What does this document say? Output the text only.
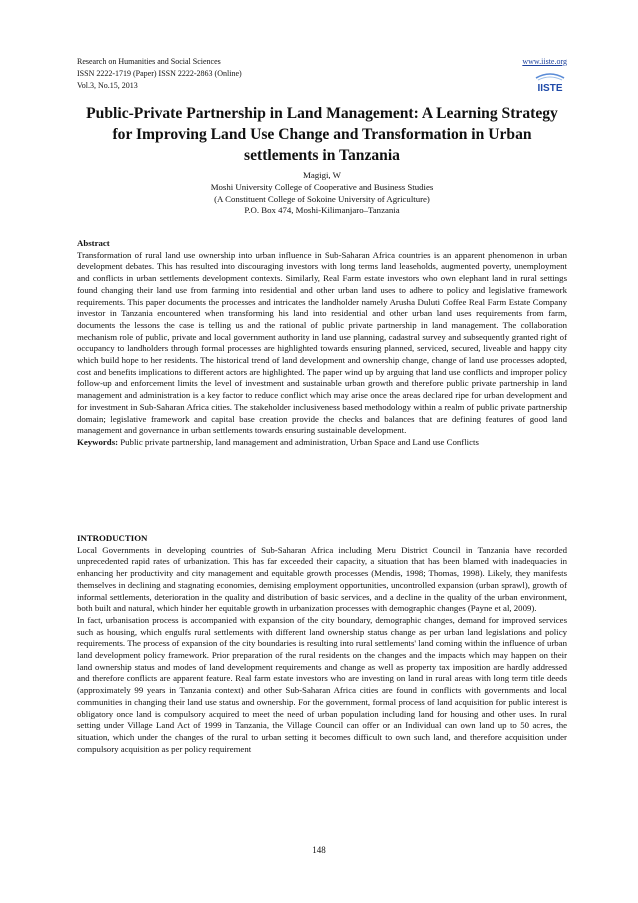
Research on Humanities and Social Sciences
ISSN 2222-1719 (Paper) ISSN 2222-2863 (Online)
Vol.3, No.15, 2013
www.iiste.org
IISTE
Public-Private Partnership in Land Management: A Learning Strategy for Improving Land Use Change and Transformation in Urban settlements in Tanzania
Magigi, W
Moshi University College of Cooperative and Business Studies
(A Constituent College of Sokoine University of Agriculture)
P.O. Box 474, Moshi-Kilimanjaro–Tanzania
Abstract

Transformation of rural land use ownership into urban influence in Sub-Saharan Africa countries is an apparent phenomenon in urban development debates. This has resulted into discouraging investors with long terms land leaseholds, augmented poverty, unemployment and conflicts in urban settlements development contexts. Similarly, Real Farm estate investors who own elephant land in rural settings found changing their land use from farming into residential and other urban land uses to adhere to policy and legislative framework requirements. This paper documents the processes and intricates the landholder namely Arusha Duluti Coffee Real Farm Estate Company investor in Tanzania encountered when transforming his land into residential and other urban land uses requirements from farm, documents the lessons the case is telling us and the rational of public private partnership in land management. The collaboration mechanism role of public, private and local government authority in land use planning, cadastral survey and subsequently granted right of occupancy to landholders through formal processes are highlighted towards ensuring planned, serviced, secured, liveable and happy city which build hope to her residents. The historical trend of land development and ownership change, change of land use processes adopted, cost and benefits implications to different actors are highlighted. The paper wind up by arguing that land use conflicts and improper policy follow-up and enforcement limits the level of investment and sustainable urban growth and therefore public private partnership in land management and administration is a key factor to reduce conflict which may arise once the areas declared ripe for urban development and for investment in Sub-Saharan Africa cities. The stakeholder inclusiveness based methodology within a realm of public private partnership domain; legislative framework and capital base creation provide the checks and balances that are defining features of good land management and governance in urban settlements towards ensuring sustainable development.

Keywords: Public private partnership, land management and administration, Urban Space and Land use Conflicts

INTRODUCTION

Local Governments in developing countries of Sub-Saharan Africa including Meru District Council in Tanzania have recorded unprecedented rapid rates of urbanization. This has far exceeded their capacity, a situation that has been blamed with inadequacies in enhancing her productivity and city management and equitable growth processes (Mendis, 1998; Thomas, 1998). Likely, they manifests themselves in declining and stagnating economies, demising employment opportunities, uncontrolled expansion (urban sprawl), growth of informal settlements, deterioration in the quality and distribution of basic services, and a decline in the quality of the urban environment, both built and natural, which hinder her equitable growth in urbanization processes with demographic changes (Payne et al, 2009).

In fact, urbanisation process is accompanied with expansion of the city boundary, demographic changes, demand for improved services such as housing, which engulfs rural settlements with different land ownership status change as per urban land legislations and policy requirements. The process of expansion of the city boundaries is resulting into rural settlements' land coming within the influence of urban land development policy framework. Prior preparation of the rural residents on the changes and the impacts which may happen on their land ownership status and modes of land development requirements and change as well as property tax imposition are hardly addressed and therefore conflicts are apparent feature. Real farm estate investors who are investing on land in rural areas with long term title deeds (approximately 99 years in Tanzania context) and other Sub-Saharan Africa cities are found in conflicts with governments and local communities in changing their land use status and ownership. For the government, formal process of land acquisition for public interest is obligatory once land is compulsory acquired to meet the need of urban population including land for housing and other uses. In rural setting under Village Land Act of 1999 in Tanzania, the Village Council can offer or an Individual can own land up to 50 acres, the situation, which under the changes of the rural to urban setting it becomes difficult to own such land, and therefore acquisition under compulsory acquisition as per policy requirement

148
